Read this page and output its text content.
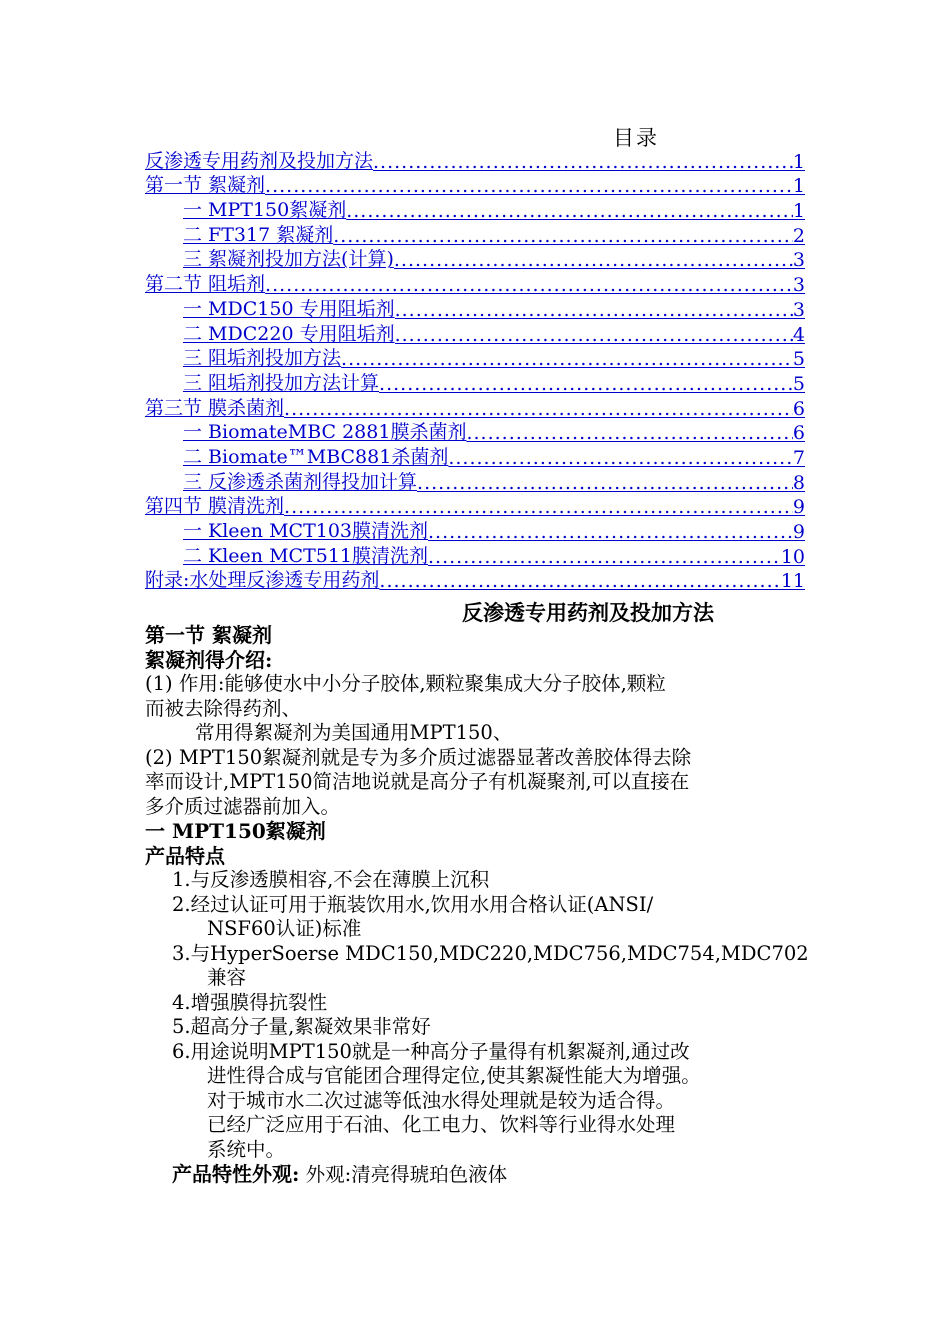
目录
反渗透专用药剂及投加方法 .....	1
第一节 絮凝剂 .....	1
一 MPT150絮凝剂 .....	1
二 FT317 絮凝剂 .....	2
三 絮凝剂投加方法(计算) .....	3
第二节 阻垢剂 .....	3
一 MDC150 专用阻垢剂 .....	3
二 MDC220 专用阻垢剂 .....	4
三 阻垢剂投加方法 .....	5
三 阻垢剂投加方法计算 .....	5
第三节 膜杀菌剂 .....	6
一 BiomateMBC 2881膜杀菌剂 .....	6
二 Biomate™MBC881杀菌剂 .....	7
三 反渗透杀菌剂得投加计算 .....	8
第四节 膜清洗剂 .....	9
一 Kleen MCT103膜清洗剂 .....	9
二 Kleen MCT511膜清洗剂 .....	10
附录:水处理反渗透专用药剂 .....	11
反渗透专用药剂及投加方法
第一节 絮凝剂
絮凝剂得介绍:
(1) 作用:能够使水中小分子胶体,颗粒聚集成大分子胶体,颗粒
而被去除得药剂、
常用得絮凝剂为美国通用MPT150、
(2) MPT150絮凝剂就是专为多介质过滤器显著改善胶体得去除
率而设计,MPT150简洁地说就是高分子有机凝聚剂,可以直接在
多介质过滤器前加入。
一 MPT150絮凝剂
产品特点
1.与反渗透膜相容,不会在薄膜上沉积
2.经过认证可用于瓶装饮用水,饮用水用合格认证(ANSI/
NSF60认证)标准
3.与HyperSoerse MDC150,MDC220,MDC756,MDC754,MDC702
兼容
4.增强膜得抗裂性
5.超高分子量,絮凝效果非常好
6.用途说明MPT150就是一种高分子量得有机絮凝剂,通过改
进性得合成与官能团合理得定位,使其絮凝性能大为增强。
对于城市水二次过滤等低浊水得处理就是较为适合得。
已经广泛应用于石油、化工电力、饮料等行业得水处理
系统中。
产品特性外观: 外观:清亮得琥珀色液体
